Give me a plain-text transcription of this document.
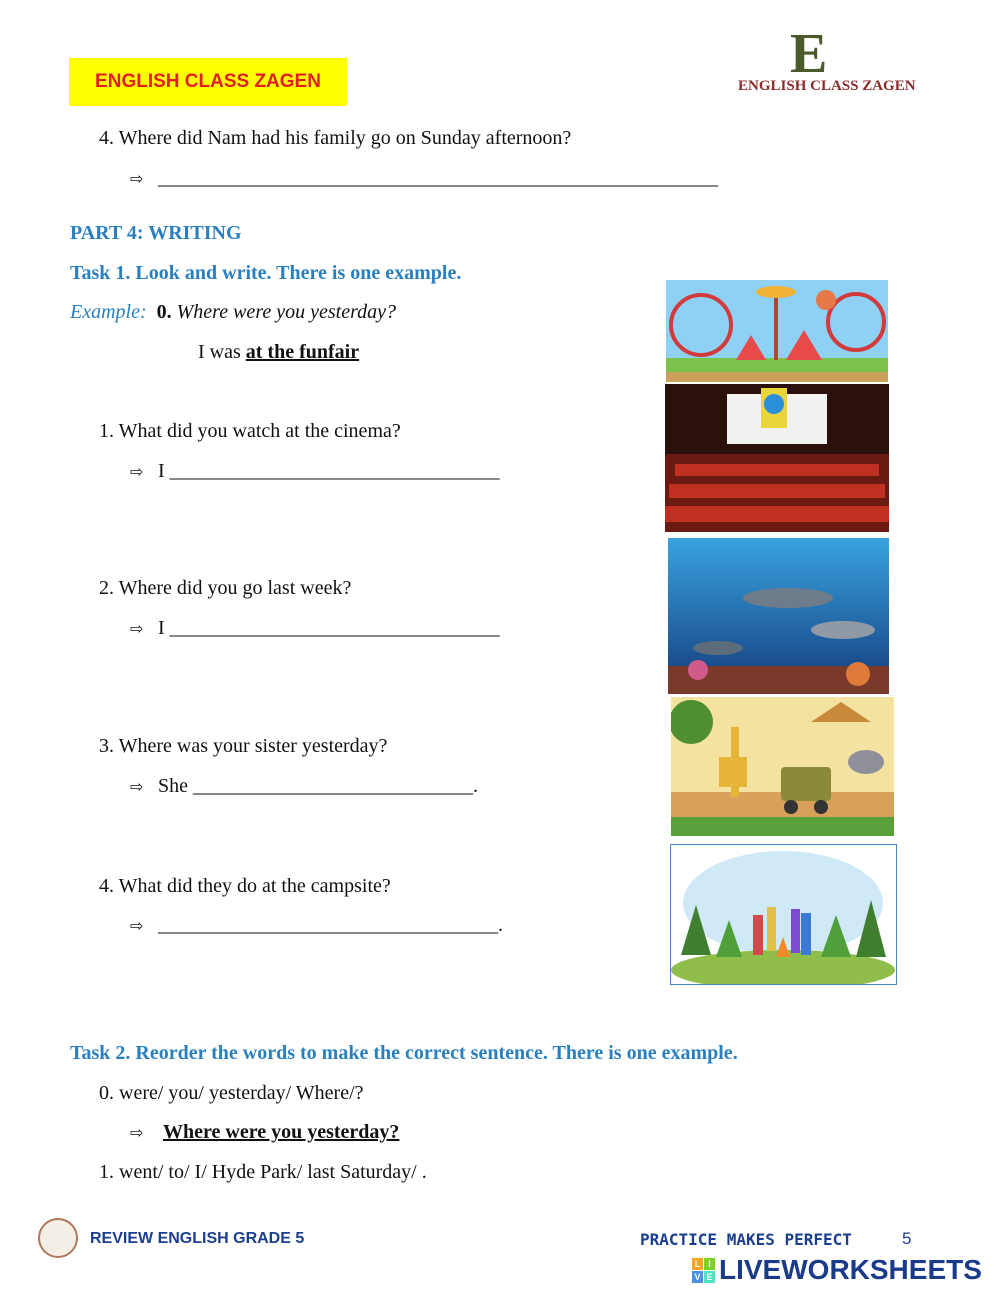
ENGLISH CLASS ZAGEN	E
ENGLISH CLASS ZAGEN
4. Where did Nam had his family go on Sunday afternoon?
⇨ ________________________________________________________
PART 4: WRITING
Task 1. Look and write. There is one example.
Example: 0. Where were you yesterday?
I was at the funfair
1. What did you watch at the cinema?
⇨ I _________________________________
2. Where did you go last week?
⇨ I _________________________________
3. Where was your sister yesterday?
⇨ She ____________________________.
4. What did they do at the campsite?
⇨ __________________________________.
Task 2. Reorder the words to make the correct sentence. There is one example.
0. were/ you/ yesterday/ Where/?
⇨ Where were you yesterday?
1. went/ to/ I/ Hyde Park/ last Saturday/ .
REVIEW ENGLISH GRADE 5	PRACTICE MAKES PERFECT	5
L I
V E LIVEWORKSHEETS
